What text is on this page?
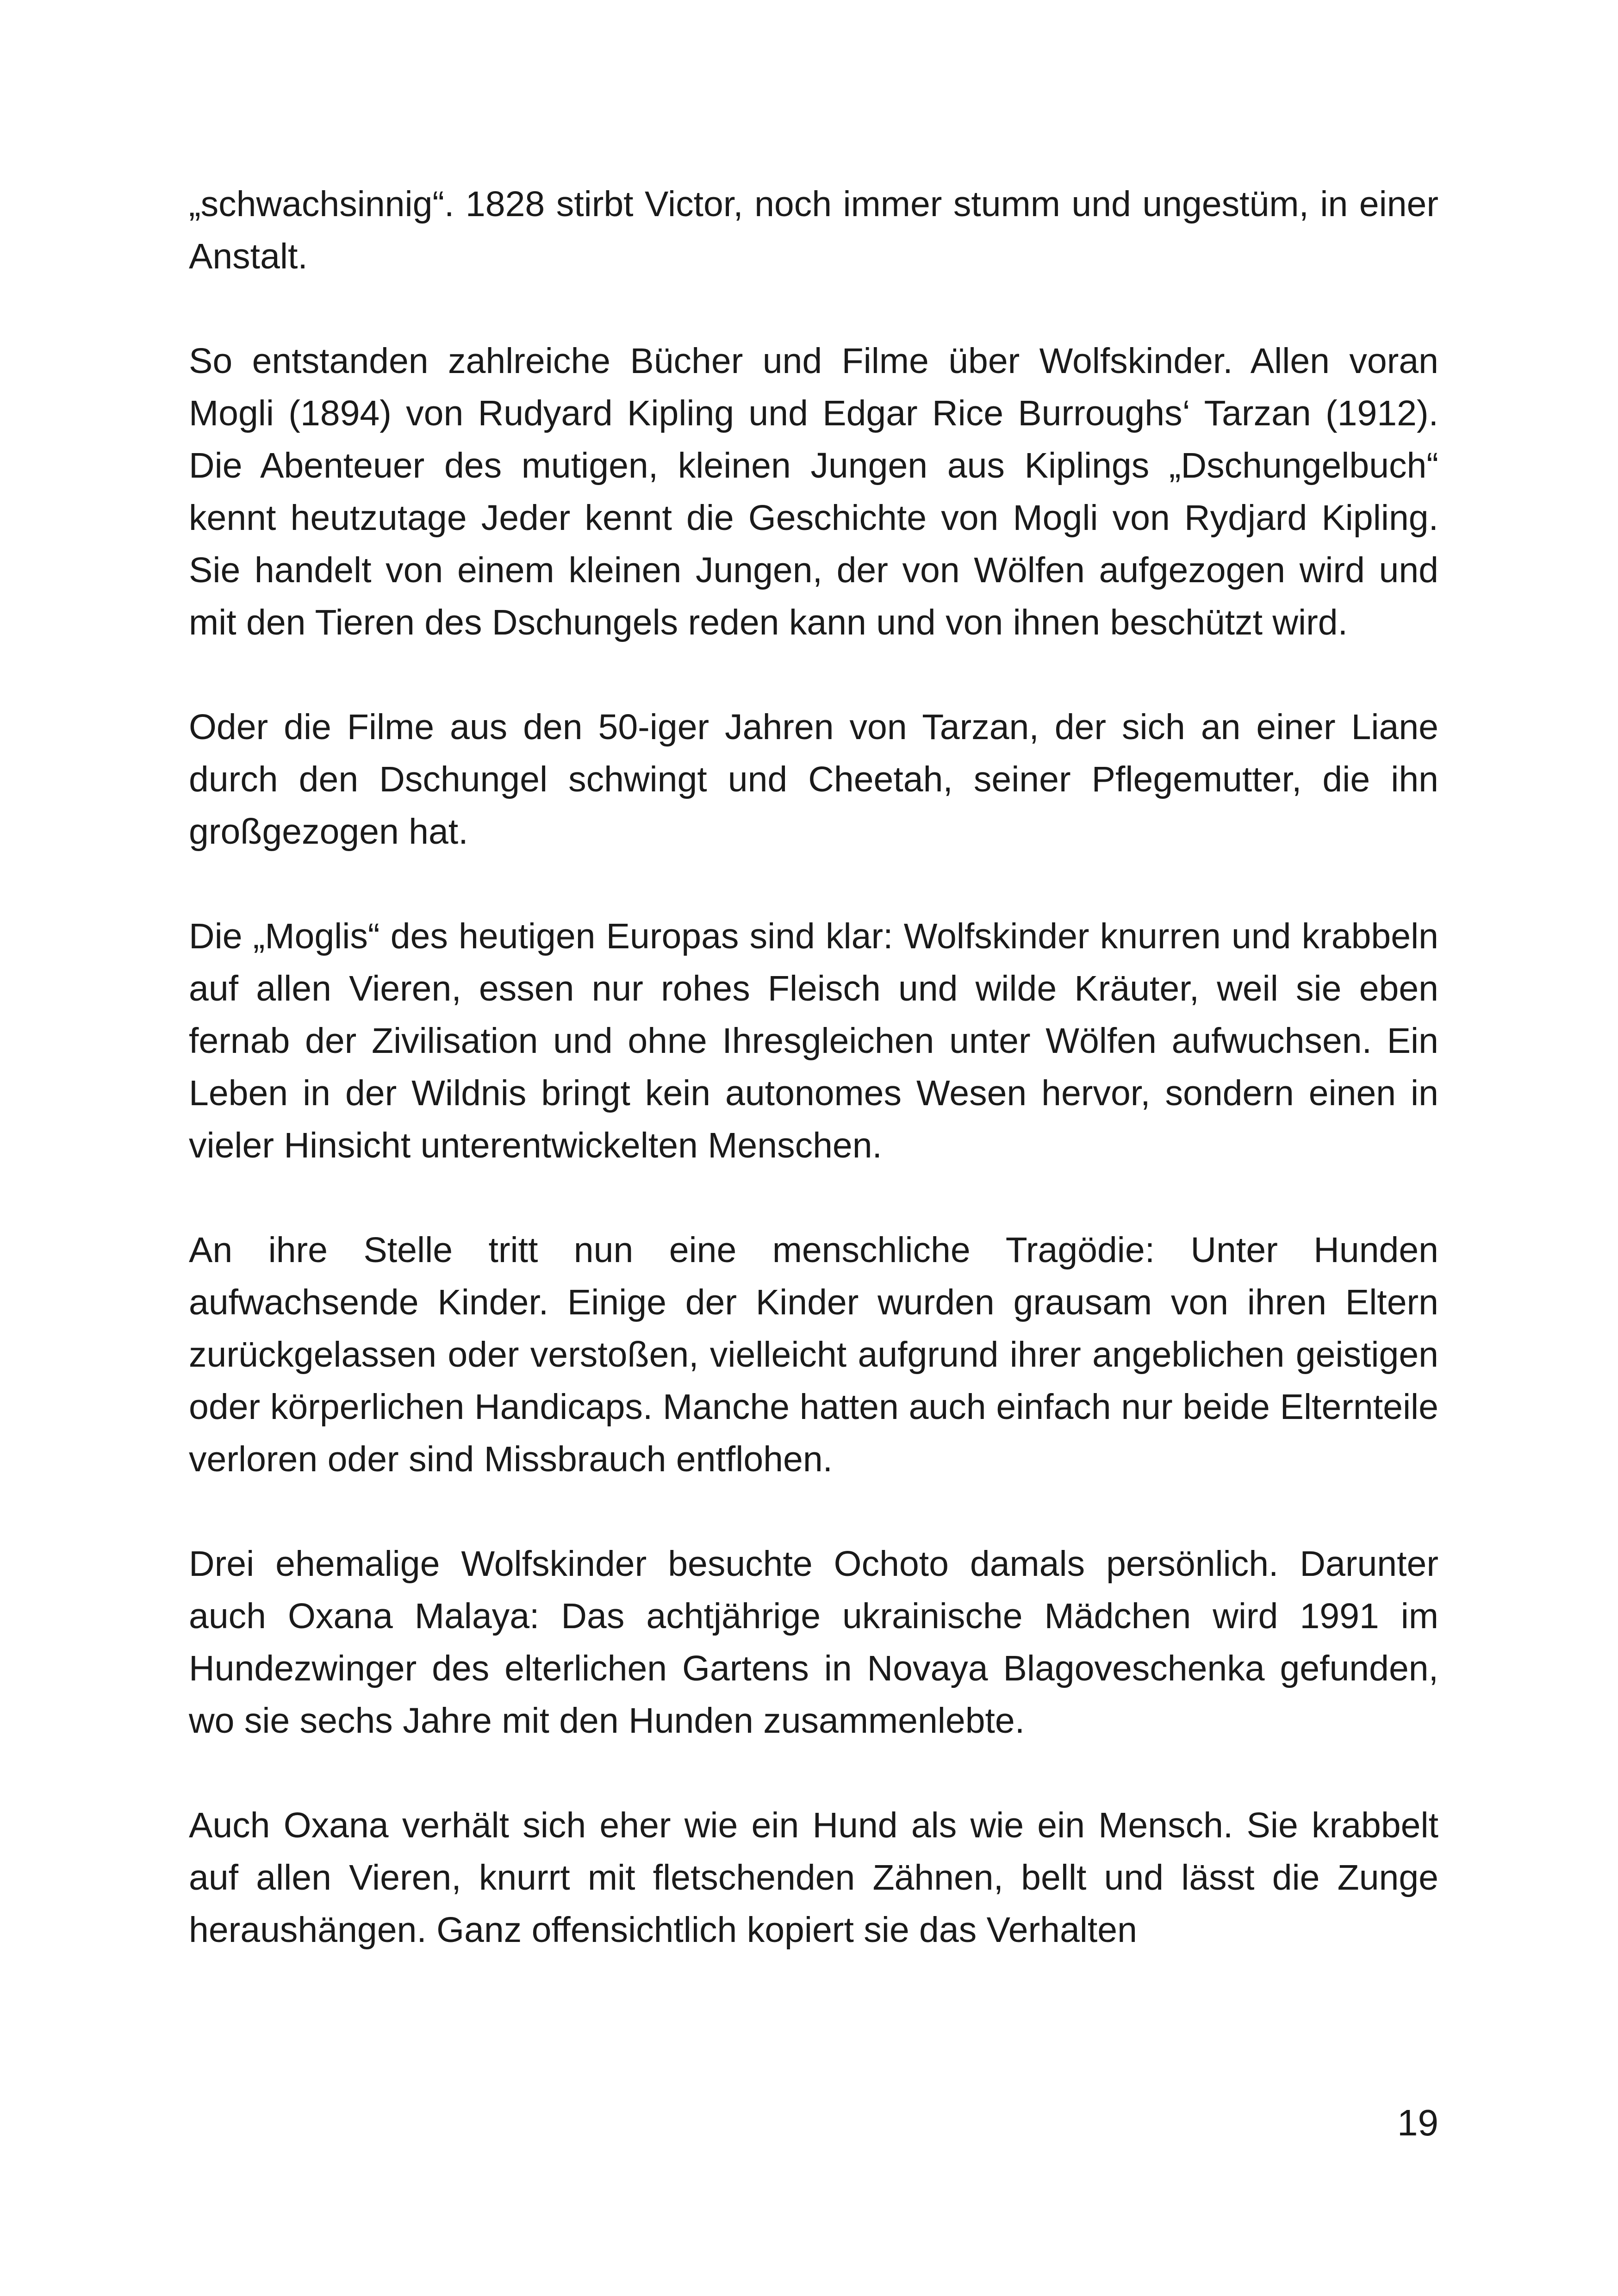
„schwachsinnig“. 1828 stirbt Victor, noch immer stumm und ungestüm, in einer Anstalt.

So entstanden zahlreiche Bücher und Filme über Wolfskinder. Allen voran Mogli (1894) von Rudyard Kipling und Edgar Rice Burroughs‘ Tarzan (1912). Die Abenteuer des mutigen, kleinen Jungen aus Kiplings „Dschungelbuch“ kennt heutzutage Jeder kennt die Geschichte von Mogli von Rydjard Kipling. Sie handelt von einem kleinen Jungen, der von Wölfen aufgezogen wird und mit den Tieren des Dschungels reden kann und von ihnen beschützt wird.

Oder die Filme aus den 50-iger Jahren von Tarzan, der sich an einer Liane durch den Dschungel schwingt und Cheetah, seiner Pflegemutter, die ihn großgezogen hat.

Die „Moglis“ des heutigen Europas sind klar: Wolfskinder knurren und krabbeln auf allen Vieren, essen nur rohes Fleisch und wilde Kräuter, weil sie eben fernab der Zivilisation und ohne Ihresgleichen unter Wölfen aufwuchsen. Ein Leben in der Wildnis bringt kein autonomes Wesen hervor, sondern einen in vieler Hinsicht unterentwickelten Menschen.

An ihre Stelle tritt nun eine menschliche Tragödie: Unter Hunden aufwachsende Kinder. Einige der Kinder wurden grausam von ihren Eltern zurückgelassen oder verstoßen, vielleicht aufgrund ihrer angeblichen geistigen oder körperlichen Handicaps. Manche hatten auch einfach nur beide Elternteile verloren oder sind Missbrauch entflohen.

Drei ehemalige Wolfskinder besuchte Ochoto damals persönlich. Darunter auch Oxana Malaya: Das achtjährige ukrainische Mädchen wird 1991 im Hundezwinger des elterlichen Gartens in Novaya Blagoveschenka gefunden, wo sie sechs Jahre mit den Hunden zusammenlebte.

Auch Oxana verhält sich eher wie ein Hund als wie ein Mensch. Sie krabbelt auf allen Vieren, knurrt mit fletschenden Zähnen, bellt und lässt die Zunge heraushängen. Ganz offensichtlich kopiert sie das Verhalten

19
